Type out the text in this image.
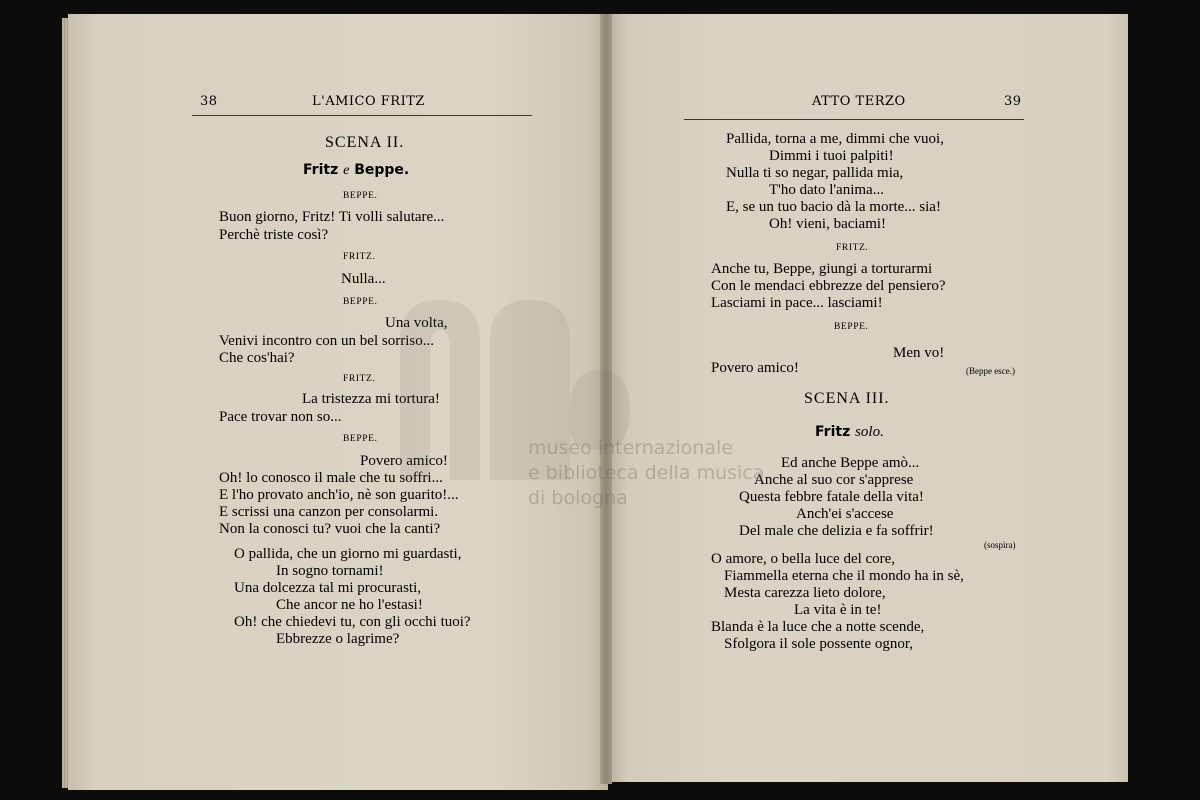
38	L'AMICO FRITZ
SCENA II.
Fritz e Beppe.
BEPPE.
Buon giorno, Fritz! Ti volli salutare...
Perchè triste così?
FRITZ.
Nulla...
BEPPE.
Una volta,
Venivi incontro con un bel sorriso...
Che cos'hai?
FRITZ.
La tristezza mi tortura!
Pace trovar non so...
BEPPE.
Povero amico!
Oh! lo conosco il male che tu soffri...
E l'ho provato anch'io, nè son guarito!...
E scrissi una canzon per consolarmi.
Non la conosci tu? vuoi che la canti?
O pallida, che un giorno mi guardasti,
In sogno tornami!
Una dolcezza tal mi procurasti,
Che ancor ne ho l'estasi!
Oh! che chiedevi tu, con gli occhi tuoi?
Ebbrezze o lagrime?
ATTO TERZO	39
Pallida, torna a me, dimmi che vuoi,
Dimmi i tuoi palpiti!
Nulla ti so negar, pallida mia,
T'ho dato l'anima...
E, se un tuo bacio dà la morte... sia!
Oh! vieni, baciami!
FRITZ.
Anche tu, Beppe, giungi a torturarmi
Con le mendaci ebbrezze del pensiero?
Lasciami in pace... lasciami!
BEPPE.
Men vo!
Povero amico!	(Beppe esce.)
SCENA III.
Fritz solo.
Ed anche Beppe amò...
Anche al suo cor s'apprese
Questa febbre fatale della vita!
Anch'ei s'accese
Del male che delizia e fa soffrir!
(sospira)
O amore, o bella luce del core,
Fiammella eterna che il mondo ha in sè,
Mesta carezza lieto dolore,
La vita è in te!
Blanda è la luce che a notte scende,
Sfolgora il sole possente ognor,
museo internazionale
e biblioteca della musica
di bologna
